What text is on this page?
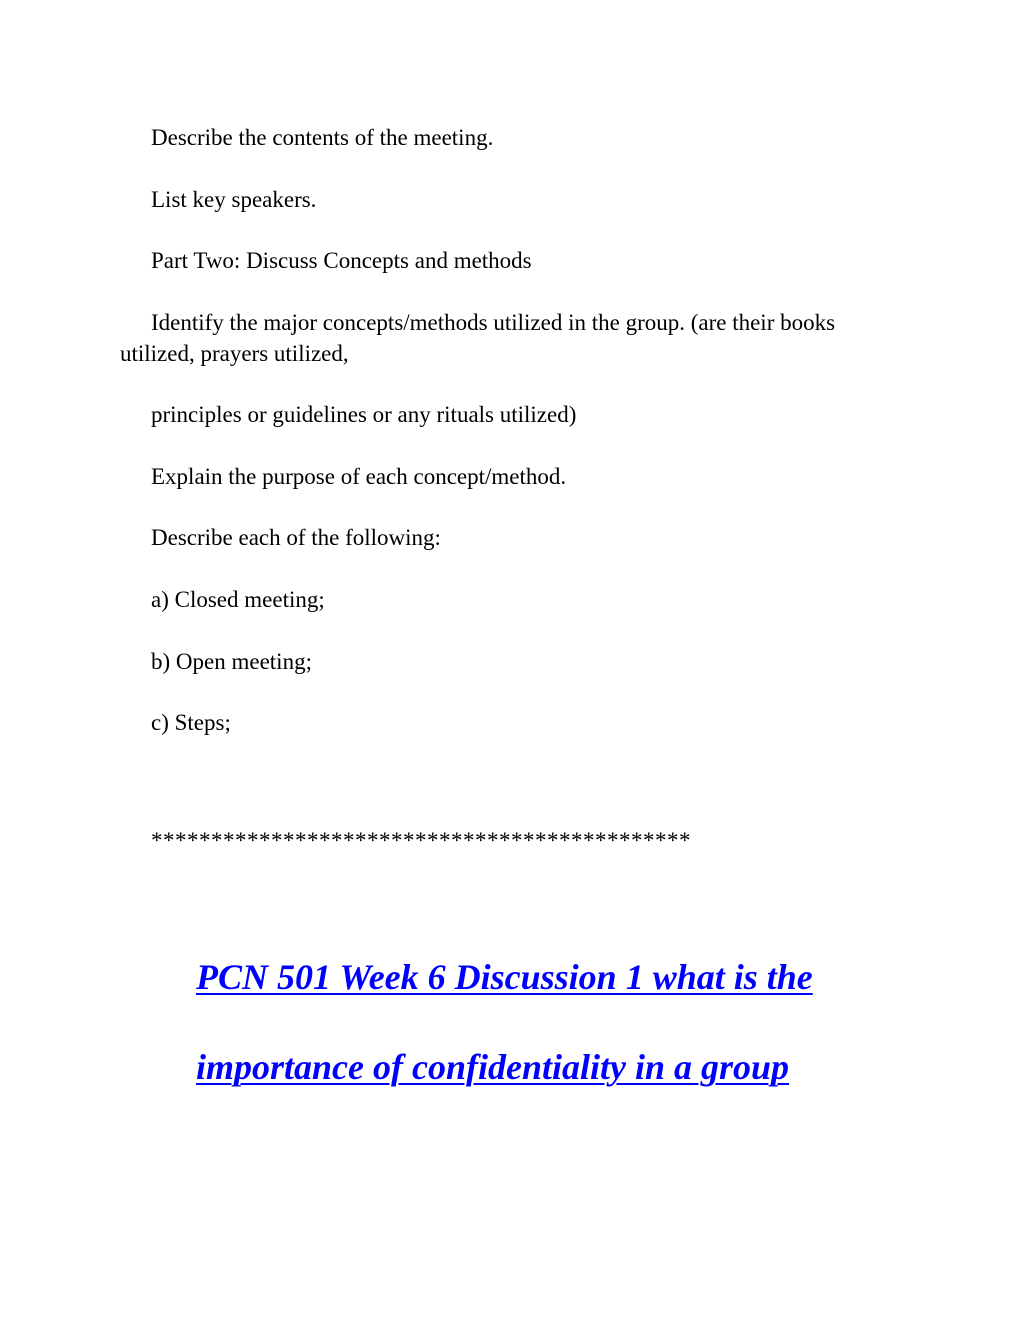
Describe the contents of the meeting.
List key speakers.
Part Two: Discuss Concepts and methods
Identify the major concepts/methods utilized in the group. (are their books utilized, prayers utilized,
principles or guidelines or any rituals utilized)
Explain the purpose of each concept/method.
Describe each of the following:
a) Closed meeting;
b) Open meeting;
c) Steps;
*********************************************
PCN 501 Week 6 Discussion 1 what is the
importance of confidentiality in a group
